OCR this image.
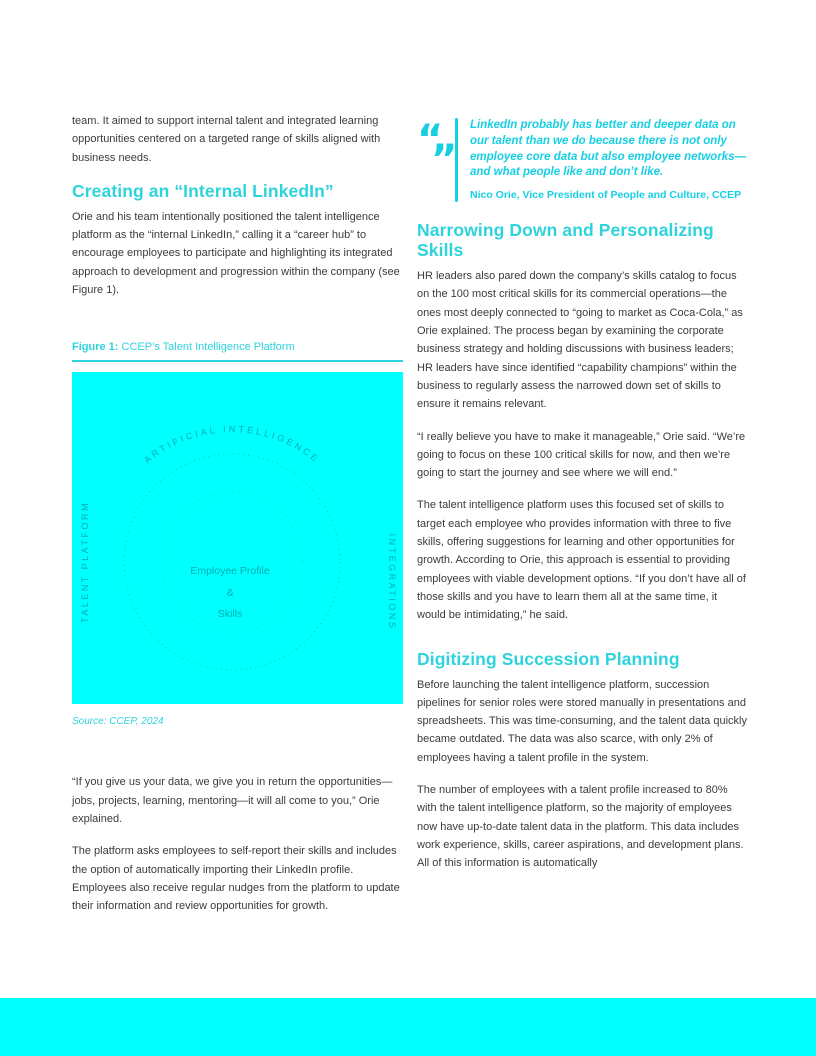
team. It aimed to support internal talent and integrated learning opportunities centered on a targeted range of skills aligned with business needs.

Creating an “Internal LinkedIn”

Orie and his team intentionally positioned the talent intelligence platform as the “internal LinkedIn,” calling it a “career hub” to encourage employees to participate and highlighting its integrated approach to development and progression within the company (see Figure 1).

Figure 1: CCEP’s Talent Intelligence Platform
ARTIFICIAL INTELLIGENCE
TALENT PLATFORM	INTEGRATIONS
Employee Profile
&
Skills
Source: CCEP, 2024

“If you give us your data, we give you in return the opportunities—jobs, projects, learning, mentoring—it will all come to you,” Orie explained.

The platform asks employees to self-report their skills and includes the option of automatically importing their LinkedIn profile. Employees also receive regular nudges from the platform to update their information and review opportunities for growth.

“
”

LinkedIn probably has better and deeper data on our talent than we do because there is not only employee core data but also employee networks—and what people like and don’t like.

Nico Orie, Vice President of People and Culture, CCEP
Narrowing Down and Personalizing Skills

HR leaders also pared down the company’s skills catalog to focus on the 100 most critical skills for its commercial operations—the ones most deeply connected to “going to market as Coca-Cola,” as Orie explained. The process began by examining the corporate business strategy and holding discussions with business leaders; HR leaders have since identified “capability champions” within the business to regularly assess the narrowed down set of skills to ensure it remains relevant.

“I really believe you have to make it manageable,” Orie said. “We’re going to focus on these 100 critical skills for now, and then we’re going to start the journey and see where we will end.”

The talent intelligence platform uses this focused set of skills to target each employee who provides information with three to five skills, offering suggestions for learning and other opportunities for growth. According to Orie, this approach is essential to providing employees with viable development options. “If you don’t have all of those skills and you have to learn them all at the same time, it would be intimidating,” he said.

Digitizing Succession Planning

Before launching the talent intelligence platform, succession pipelines for senior roles were stored manually in presentations and spreadsheets. This was time-consuming, and the talent data quickly became outdated. The data was also scarce, with only 2% of employees having a talent profile in the system.

The number of employees with a talent profile increased to 80% with the talent intelligence platform, so the majority of employees now have up-to-date talent data in the platform. This data includes work experience, skills, career aspirations, and development plans. All of this information is automatically
